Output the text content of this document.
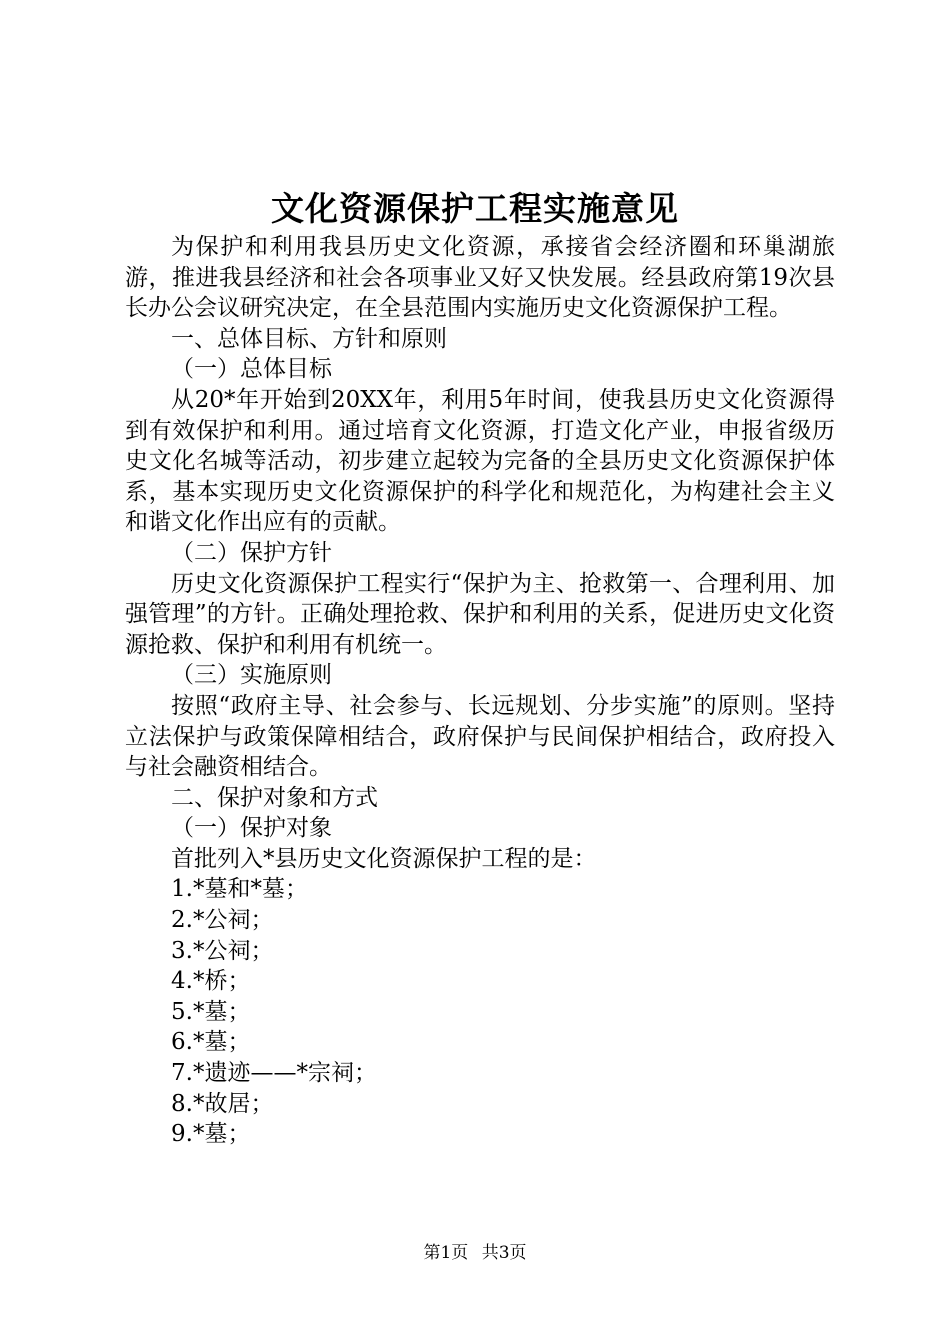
文化资源保护工程实施意见

为保护和利用我县历史文化资源，承接省会经济圈和环巢湖旅游，推进我县经济和社会各项事业又好又快发展。经县政府第19次县长办公会议研究决定，在全县范围内实施历史文化资源保护工程。

一、总体目标、方针和原则

（一）总体目标

从20*年开始到20XX年，利用5年时间，使我县历史文化资源得到有效保护和利用。通过培育文化资源，打造文化产业，申报省级历史文化名城等活动，初步建立起较为完备的全县历史文化资源保护体系，基本实现历史文化资源保护的科学化和规范化，为构建社会主义和谐文化作出应有的贡献。

（二）保护方针

历史文化资源保护工程实行“保护为主、抢救第一、合理利用、加强管理”的方针。正确处理抢救、保护和利用的关系，促进历史文化资源抢救、保护和利用有机统一。

（三）实施原则

按照“政府主导、社会参与、长远规划、分步实施”的原则。坚持立法保护与政策保障相结合，政府保护与民间保护相结合，政府投入与社会融资相结合。

二、保护对象和方式

（一）保护对象

首批列入*县历史文化资源保护工程的是：

1.*墓和*墓；

2.*公祠；

3.*公祠；

4.*桥；

5.*墓；

6.*墓；

7.*遗迹——*宗祠；

8.*故居；

9.*墓；

第1页 共3页
